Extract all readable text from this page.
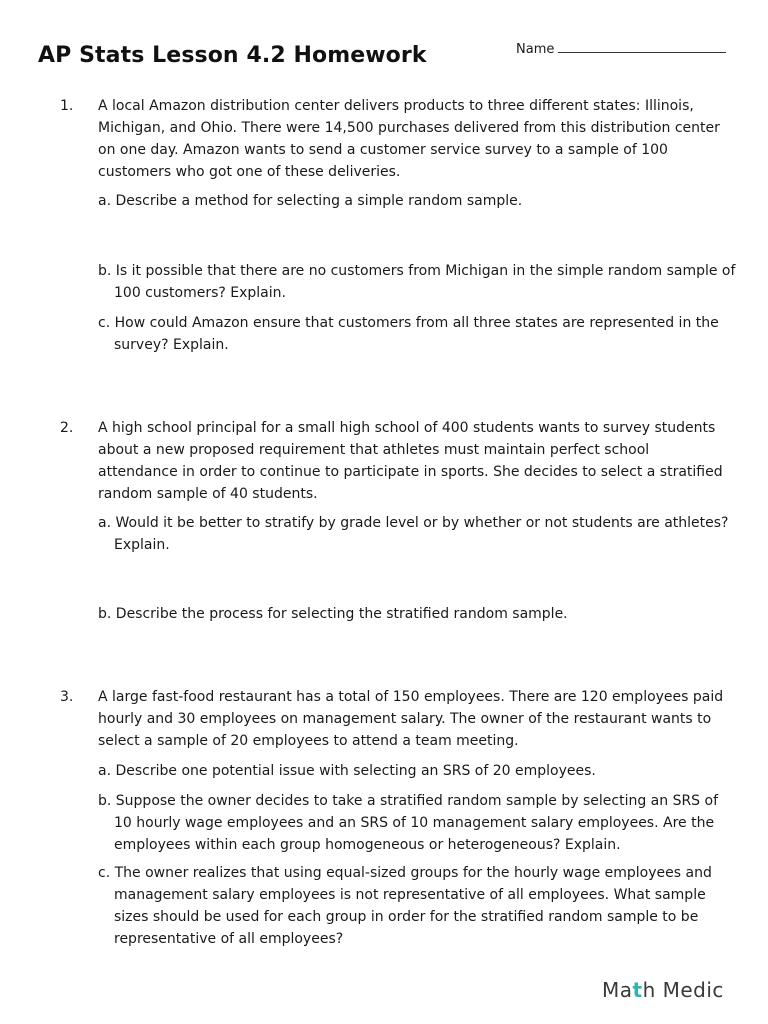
AP Stats Lesson 4.2 Homework	Name
1. A local Amazon distribution center delivers products to three different states: Illinois, Michigan, and Ohio. There were 14,500 purchases delivered from this distribution center on one day. Amazon wants to send a customer service survey to a sample of 100 customers who got one of these deliveries.
a. Describe a method for selecting a simple random sample.
b. Is it possible that there are no customers from Michigan in the simple random sample of 100 customers? Explain.
c. How could Amazon ensure that customers from all three states are represented in the survey? Explain.
2. A high school principal for a small high school of 400 students wants to survey students about a new proposed requirement that athletes must maintain perfect school attendance in order to continue to participate in sports. She decides to select a stratified random sample of 40 students.
a. Would it be better to stratify by grade level or by whether or not students are athletes? Explain.
b. Describe the process for selecting the stratified random sample.
3. A large fast-food restaurant has a total of 150 employees. There are 120 employees paid hourly and 30 employees on management salary. The owner of the restaurant wants to select a sample of 20 employees to attend a team meeting.
a. Describe one potential issue with selecting an SRS of 20 employees.
b. Suppose the owner decides to take a stratified random sample by selecting an SRS of 10 hourly wage employees and an SRS of 10 management salary employees. Are the employees within each group homogeneous or heterogeneous? Explain.
c. The owner realizes that using equal-sized groups for the hourly wage employees and management salary employees is not representative of all employees. What sample sizes should be used for each group in order for the stratified random sample to be representative of all employees?
Math Medic
